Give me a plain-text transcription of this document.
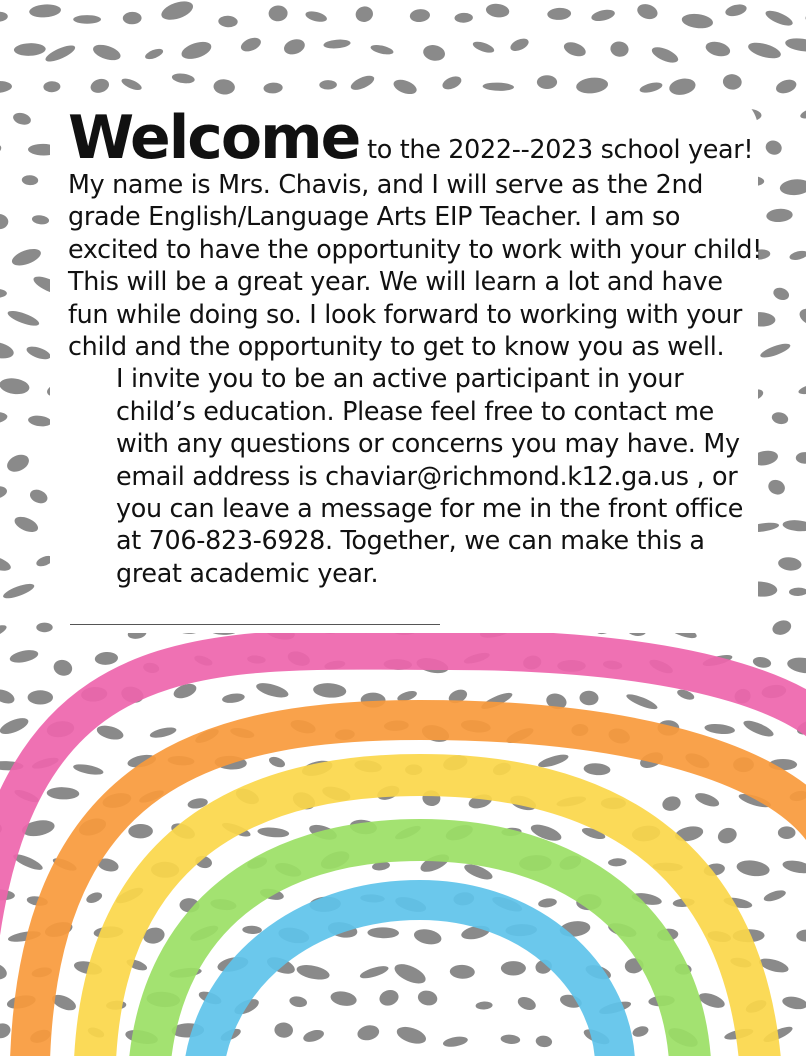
Welcome to the 2022--2023 school year! My name is Mrs. Chavis, and I will serve as the 2nd grade English/Language Arts EIP Teacher. I am so excited to have the opportunity to work with your child! This will be a great year. We will learn a lot and have fun while doing so. I look forward to working with your child and the opportunity to get to know you as well.

I invite you to be an active participant in your child’s education. Please feel free to contact me with any questions or concerns you may have. My email address is chaviar@richmond.k12.ga.us , or you can leave a message for me in the front office at 706-823-6928. Together, we can make this a great academic year.
